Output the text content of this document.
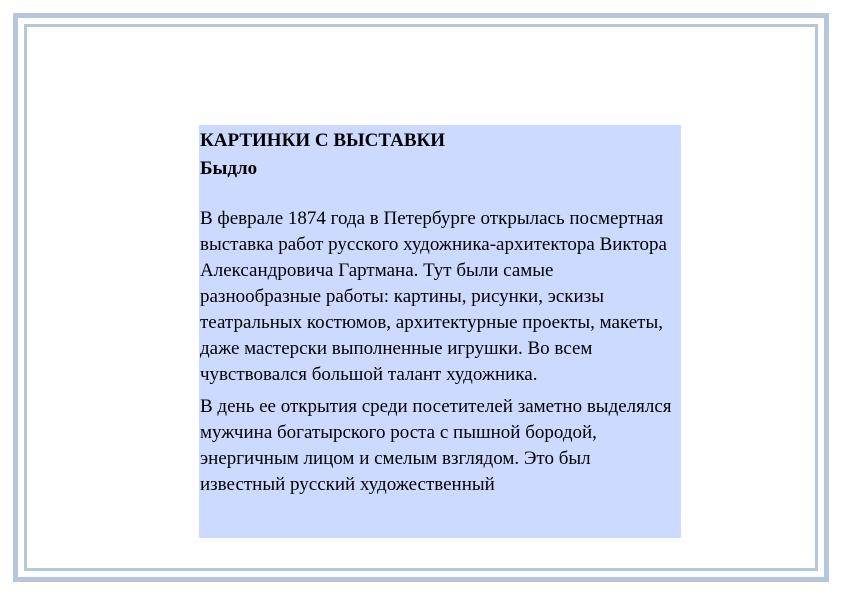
КАРТИНКИ С ВЫСТАВКИ
Быдло

В феврале 1874 года в Петербурге открылась посмертная выставка работ русского художника-архитектора Виктора Александровича Гартмана. Тут были самые разнообразные работы: картины, рисунки, эскизы театральных костюмов, архитектурные проекты, макеты, даже мастерски выполненные игрушки. Во всем чувствовался большой талант художника.

В день ее открытия среди посетителей заметно выделялся мужчина богатырского роста с пышной бородой, энергичным лицом и смелым взглядом. Это был известный русский художественный
